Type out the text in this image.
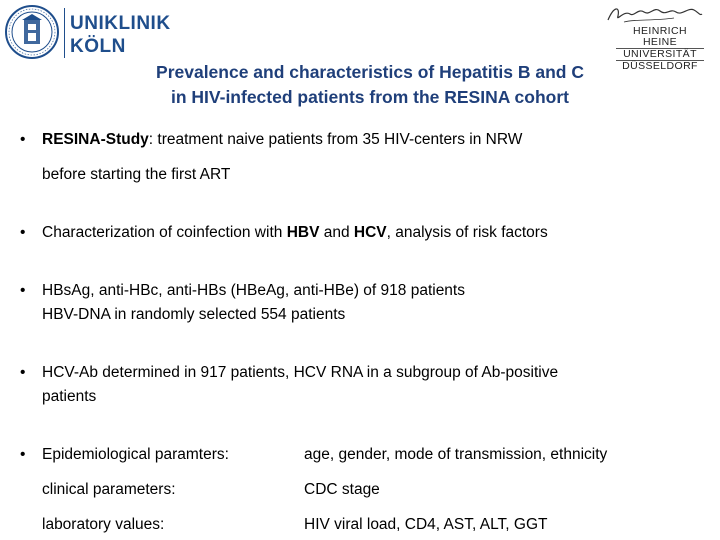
UNIKLINIK
KÖLN
HEINRICH HEINE
UNIVERSITÄT
DÜSSELDORF
Prevalence and characteristics of Hepatitis B and C
in HIV-infected patients from the RESINA cohort
• RESINA-Study: treatment naive patients from 35 HIV-centers in NRW
before starting the first ART
• Characterization of coinfection with HBV and HCV, analysis of risk factors
• HBsAg, anti-HBc, anti-HBs (HBeAg, anti-HBe) of 918 patients
HBV-DNA in randomly selected 554 patients
• HCV-Ab determined in 917 patients, HCV RNA in a subgroup of Ab-positive
patients
• Epidemiological paramters:	age, gender, mode of transmission, ethnicity
clinical parameters:	CDC stage
laboratory values:	HIV viral load, CD4, AST, ALT, GGT
